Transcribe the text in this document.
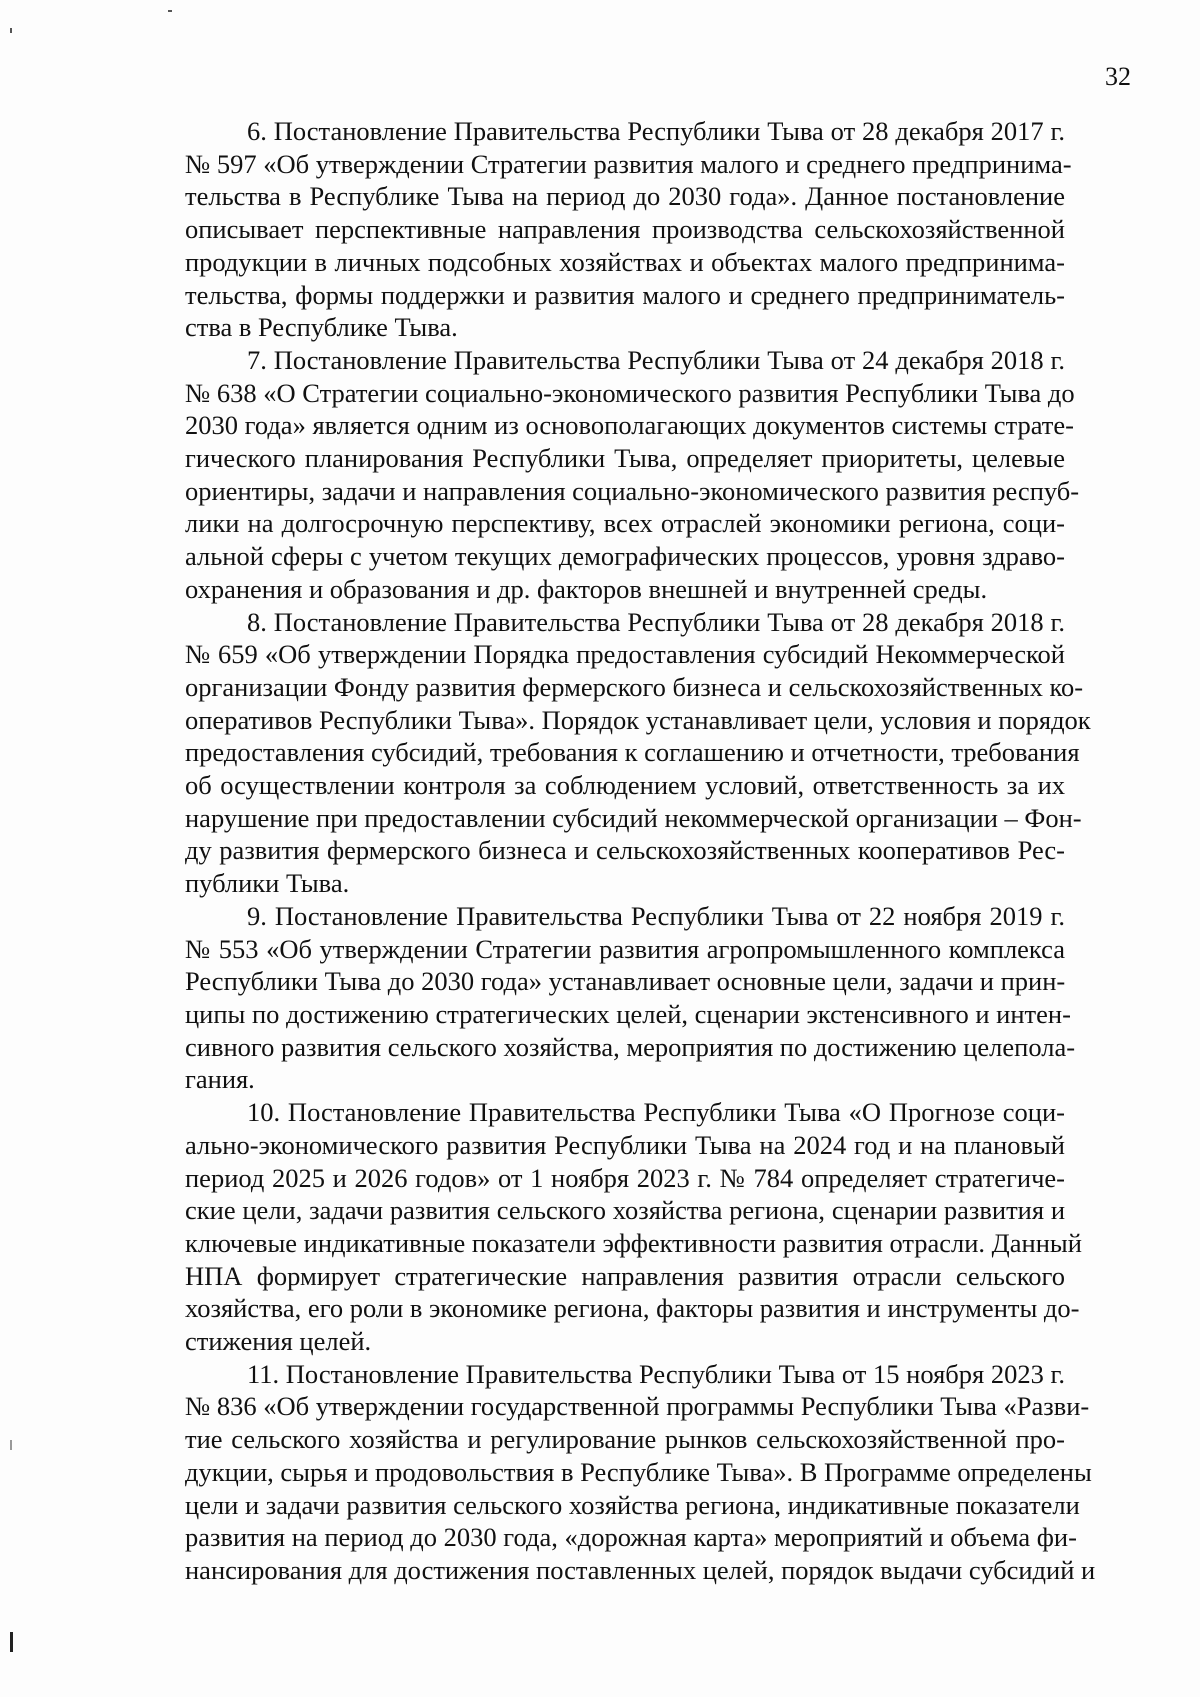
32

6. Постановление Правительства Республики Тыва от 28 декабря 2017 г.
№ 597 «Об утверждении Стратегии развития малого и среднего предпринима-
тельства в Республике Тыва на период до 2030 года». Данное постановление
описывает перспективные направления производства сельскохозяйственной
продукции в личных подсобных хозяйствах и объектах малого предпринима-
тельства, формы поддержки и развития малого и среднего предприниматель-
ства в Республике Тыва.

7. Постановление Правительства Республики Тыва от 24 декабря 2018 г.
№ 638 «О Стратегии социально-экономического развития Республики Тыва до
2030 года» является одним из основополагающих документов системы страте-
гического планирования Республики Тыва, определяет приоритеты, целевые
ориентиры, задачи и направления социально-экономического развития респуб-
лики на долгосрочную перспективу, всех отраслей экономики региона, соци-
альной сферы с учетом текущих демографических процессов, уровня здраво-
охранения и образования и др. факторов внешней и внутренней среды.

8. Постановление Правительства Республики Тыва от 28 декабря 2018 г.
№ 659 «Об утверждении Порядка предоставления субсидий Некоммерческой
организации Фонду развития фермерского бизнеса и сельскохозяйственных ко-
оперативов Республики Тыва». Порядок устанавливает цели, условия и порядок
предоставления субсидий, требования к соглашению и отчетности, требования
об осуществлении контроля за соблюдением условий, ответственность за их
нарушение при предоставлении субсидий некоммерческой организации – Фон-
ду развития фермерского бизнеса и сельскохозяйственных кооперативов Рес-
публики Тыва.

9. Постановление Правительства Республики Тыва от 22 ноября 2019 г.
№ 553 «Об утверждении Стратегии развития агропромышленного комплекса
Республики Тыва до 2030 года» устанавливает основные цели, задачи и прин-
ципы по достижению стратегических целей, сценарии экстенсивного и интен-
сивного развития сельского хозяйства, мероприятия по достижению целепола-
гания.

10. Постановление Правительства Республики Тыва «О Прогнозе соци-
ально-экономического развития Республики Тыва на 2024 год и на плановый
период 2025 и 2026 годов» от 1 ноября 2023 г. № 784 определяет стратегиче-
ские цели, задачи развития сельского хозяйства региона, сценарии развития и
ключевые индикативные показатели эффективности развития отрасли. Данный
НПА формирует стратегические направления развития отрасли сельского
хозяйства, его роли в экономике региона, факторы развития и инструменты до-
стижения целей.

11. Постановление Правительства Республики Тыва от 15 ноября 2023 г.
№ 836 «Об утверждении государственной программы Республики Тыва «Разви-
тие сельского хозяйства и регулирование рынков сельскохозяйственной про-
дукции, сырья и продовольствия в Республике Тыва». В Программе определены
цели и задачи развития сельского хозяйства региона, индикативные показатели
развития на период до 2030 года, «дорожная карта» мероприятий и объема фи-
нансирования для достижения поставленных целей, порядок выдачи субсидий и
